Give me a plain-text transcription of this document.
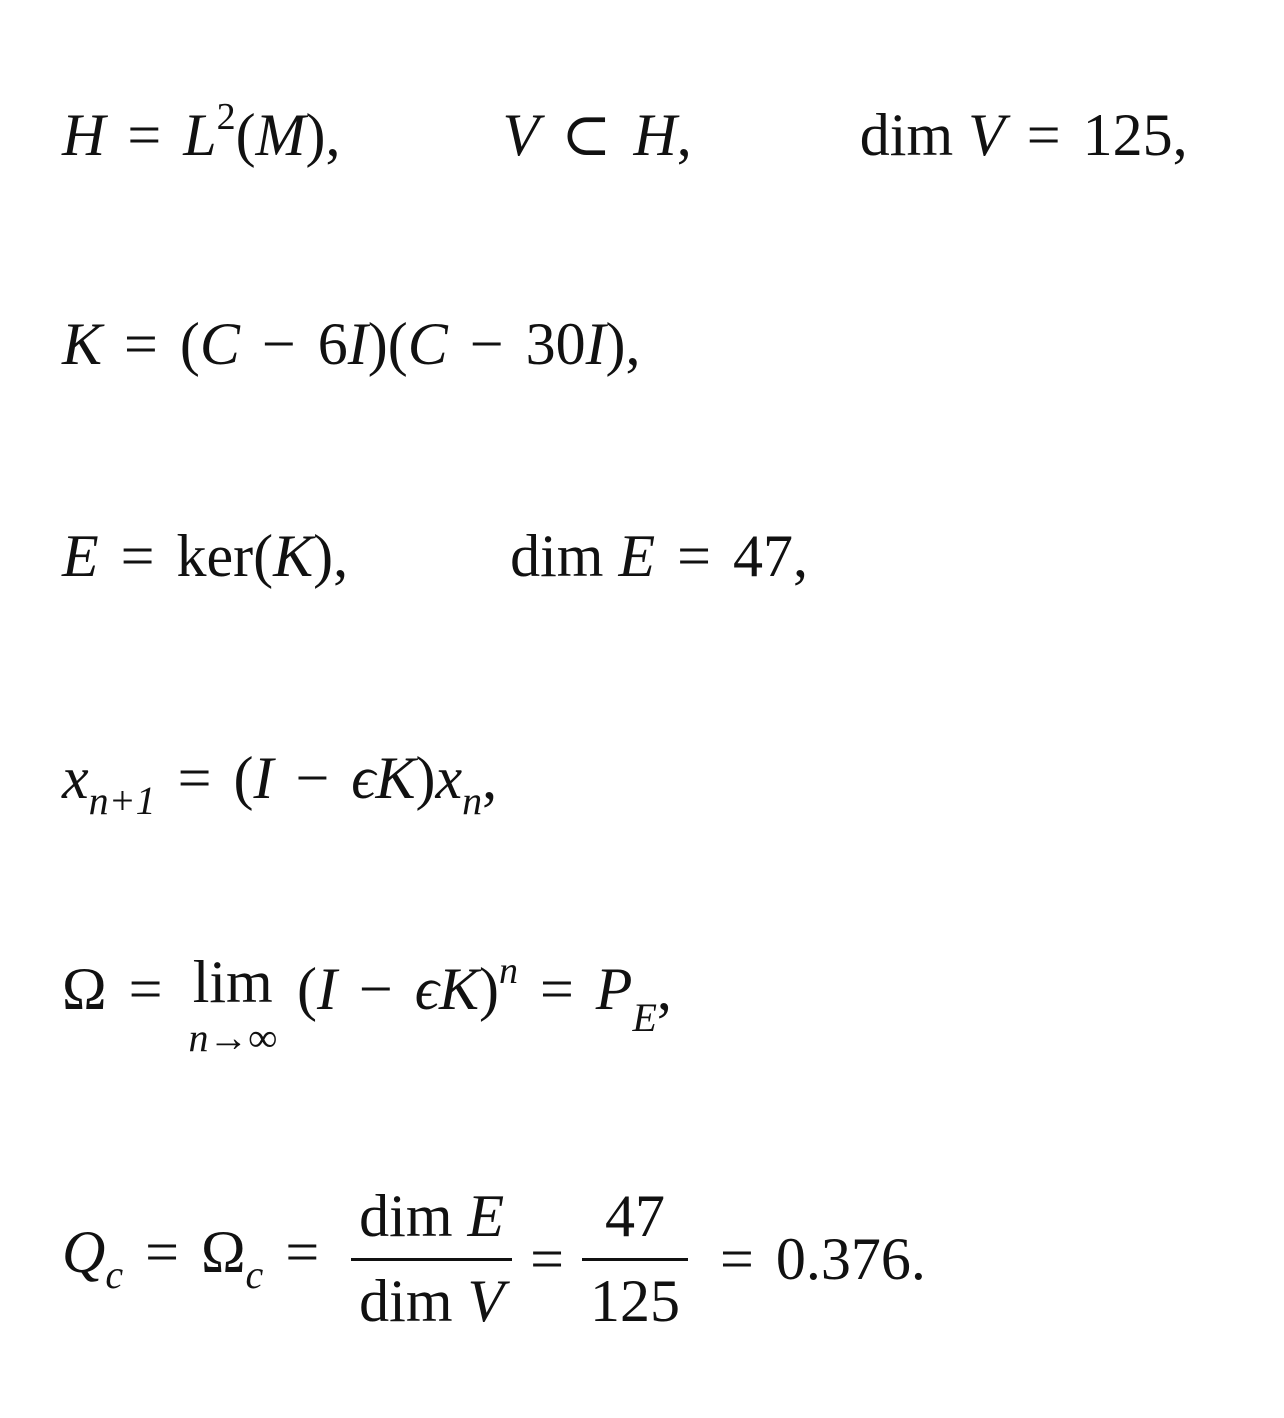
$H = L^2(M)$,	V ⊂ H,	dim V = 125,
K = (C − 6I)(C − 30I),
E = ker(K),	dim E = 47,
$x_{n+1} = (I - \epsilon K)x_n$,
Ω = lim
n→∞
$(I - \epsilon K)^n = P_E$,
$Q_c = \Omega_c = \frac{\text{dim E}}{\text{dim V}} = \frac{47}{125} = 0.376$.
